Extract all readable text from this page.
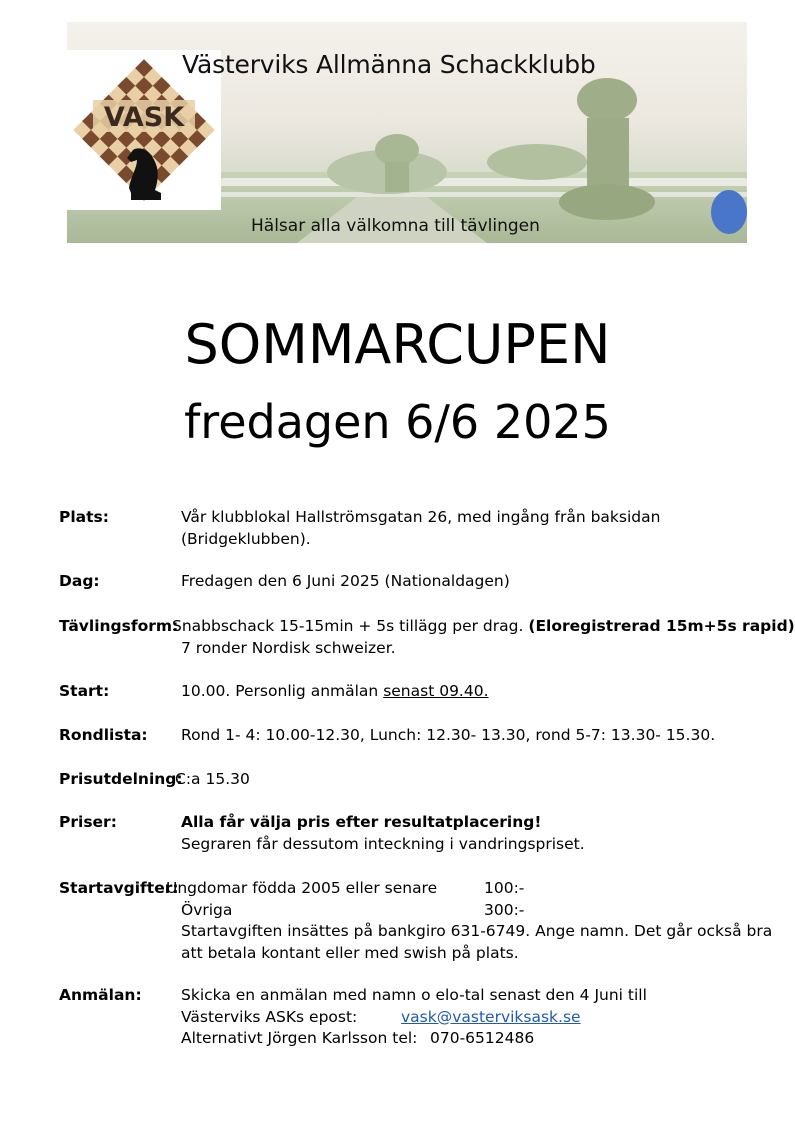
VASK
Västerviks Allmänna Schackklubb
Hälsar alla välkomna till tävlingen
SOMMARCUPEN
fredagen 6/6 2025
Plats:	Vår klubblokal Hallströmsgatan 26, med ingång från baksidan
(Bridgeklubben).
Dag:	Fredagen den 6 Juni 2025 (Nationaldagen)
Tävlingsform:
Snabbschack 15-15min + 5s tillägg per drag. (Eloregistrerad 15m+5s rapid)
7 ronder Nordisk schweizer.
Start:	10.00. Personlig anmälan senast 09.40.
Rondlista: Rond 1- 4: 10.00-12.30, Lunch: 12.30- 13.30, rond 5-7: 13.30- 15.30.
Prisutdelning:
C:a 15.30
Priser:	Alla får välja pris efter resultatplacering!
Segraren får dessutom inteckning i vandringspriset.
Startavgifter:
Ungdomar födda 2005 eller senare	100:-
Övriga	300:-
Startavgiften insättes på bankgiro 631-6749. Ange namn. Det går också bra
att betala kontant eller med swish på plats.
Anmälan:	Skicka en anmälan med namn o elo-tal senast den 4 Juni till
Västerviks ASKs epost:	vask@vasterviksask.se
Alternativt Jörgen Karlsson tel: 070-6512486
